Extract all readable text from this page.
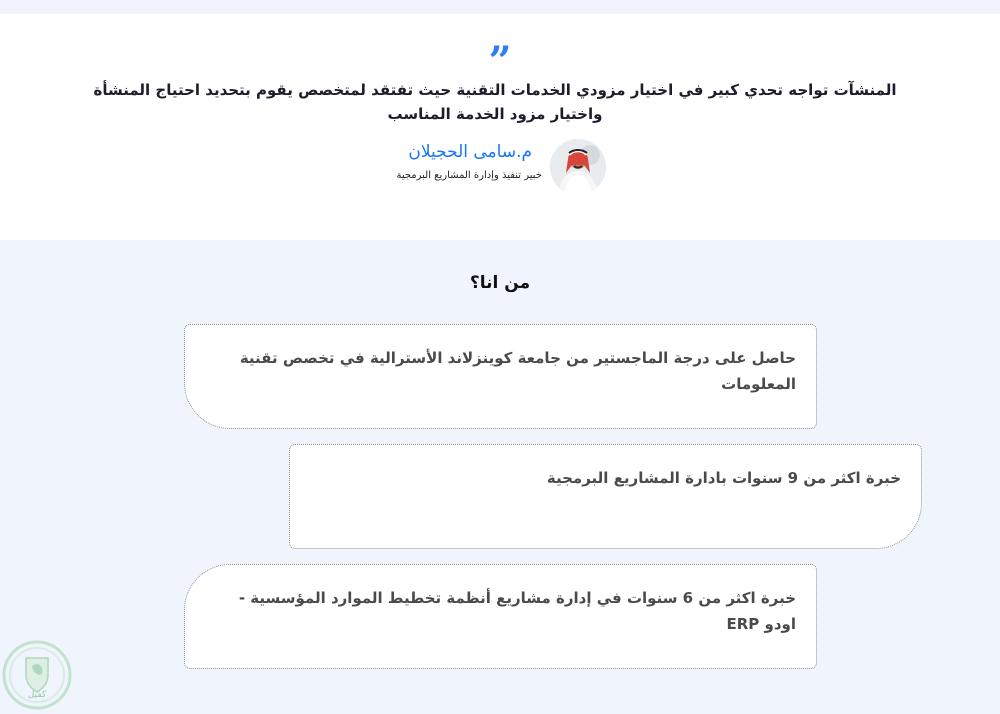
”

المنشآت تواجه تحدي كبير في اختيار مزودي الخدمات التقنية حيث تفتقد لمتخصص يقوم بتحديد احتياج المنشأة واختيار مزود الخدمة المناسب

م.سامى الحجيلان
خبير تنفيذ وإدارة المشاريع البرمجية
من انا؟
حاصل على درجة الماجستير من جامعة كوينزلاند الأسترالية في تخصص تقنية المعلومات
خبرة اكثر من 9 سنوات بادارة المشاريع البرمجية
خبرة اكثر من 6 سنوات في إدارة مشاريع أنظمة تخطيط الموارد المؤسسية - اودو ERP
كفيل
